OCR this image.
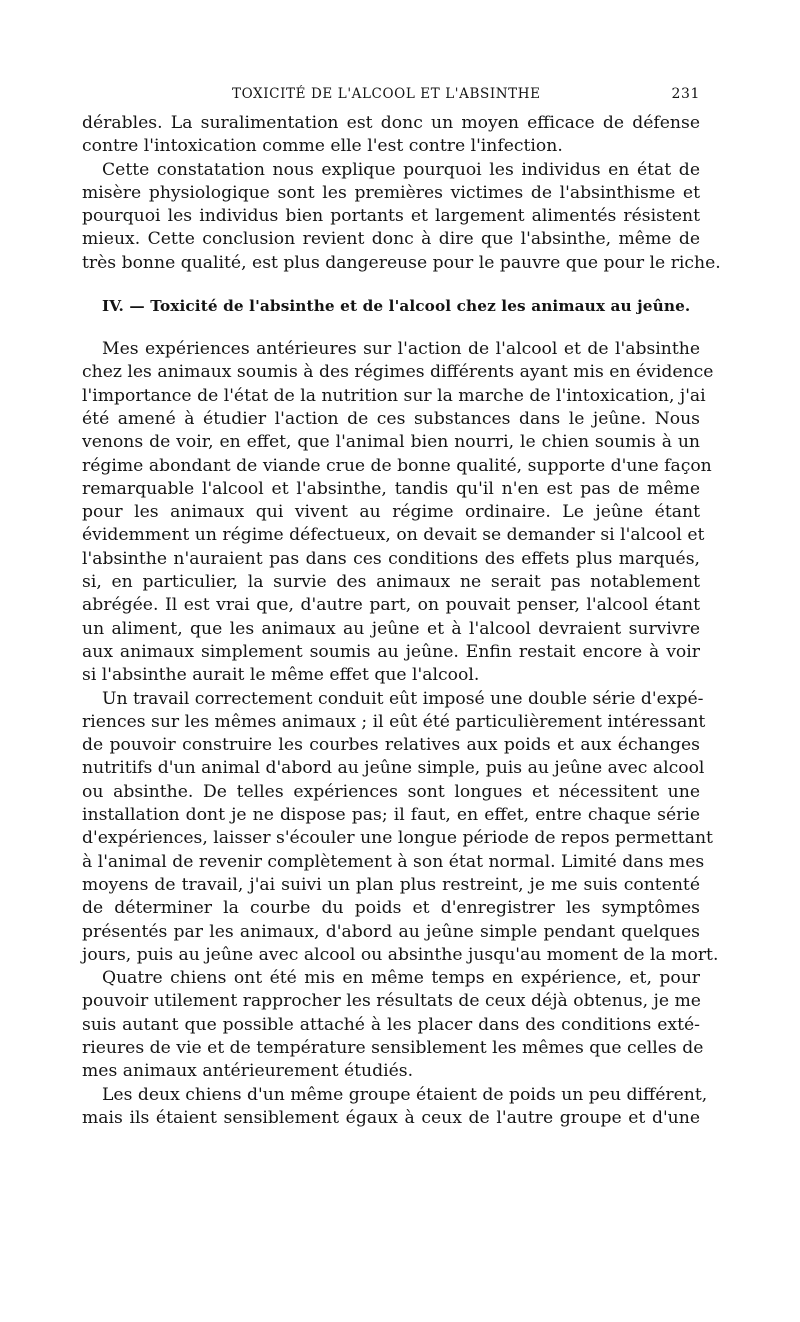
TOXICITÉ DE L'ALCOOL ET L'ABSINTHE	231
dérables. La suralimentation est donc un moyen efficace de défense
contre l'intoxication comme elle l'est contre l'infection.
Cette constatation nous explique pourquoi les individus en état de
misère physiologique sont les premières victimes de l'absinthisme et
pourquoi les individus bien portants et largement alimentés résistent
mieux. Cette conclusion revient donc à dire que l'absinthe, même de
très bonne qualité, est plus dangereuse pour le pauvre que pour le riche.
IV. — Toxicité de l'absinthe et de l'alcool chez les animaux au jeûne.
Mes expériences antérieures sur l'action de l'alcool et de l'absinthe
chez les animaux soumis à des régimes différents ayant mis en évidence
l'importance de l'état de la nutrition sur la marche de l'intoxication, j'ai
été amené à étudier l'action de ces substances dans le jeûne. Nous
venons de voir, en effet, que l'animal bien nourri, le chien soumis à un
régime abondant de viande crue de bonne qualité, supporte d'une façon
remarquable l'alcool et l'absinthe, tandis qu'il n'en est pas de même
pour les animaux qui vivent au régime ordinaire. Le jeûne étant
évidemment un régime défectueux, on devait se demander si l'alcool et
l'absinthe n'auraient pas dans ces conditions des effets plus marqués,
si, en particulier, la survie des animaux ne serait pas notablement
abrégée. Il est vrai que, d'autre part, on pouvait penser, l'alcool étant
un aliment, que les animaux au jeûne et à l'alcool devraient survivre
aux animaux simplement soumis au jeûne. Enfin restait encore à voir
si l'absinthe aurait le même effet que l'alcool.
Un travail correctement conduit eût imposé une double série d'expé-
riences sur les mêmes animaux ; il eût été particulièrement intéressant
de pouvoir construire les courbes relatives aux poids et aux échanges
nutritifs d'un animal d'abord au jeûne simple, puis au jeûne avec alcool
ou absinthe. De telles expériences sont longues et nécessitent une
installation dont je ne dispose pas; il faut, en effet, entre chaque série
d'expériences, laisser s'écouler une longue période de repos permettant
à l'animal de revenir complètement à son état normal. Limité dans mes
moyens de travail, j'ai suivi un plan plus restreint, je me suis contenté
de déterminer la courbe du poids et d'enregistrer les symptômes
présentés par les animaux, d'abord au jeûne simple pendant quelques
jours, puis au jeûne avec alcool ou absinthe jusqu'au moment de la mort.
Quatre chiens ont été mis en même temps en expérience, et, pour
pouvoir utilement rapprocher les résultats de ceux déjà obtenus, je me
suis autant que possible attaché à les placer dans des conditions exté-
rieures de vie et de température sensiblement les mêmes que celles de
mes animaux antérieurement étudiés.
Les deux chiens d'un même groupe étaient de poids un peu différent,
mais ils étaient sensiblement égaux à ceux de l'autre groupe et d'une
